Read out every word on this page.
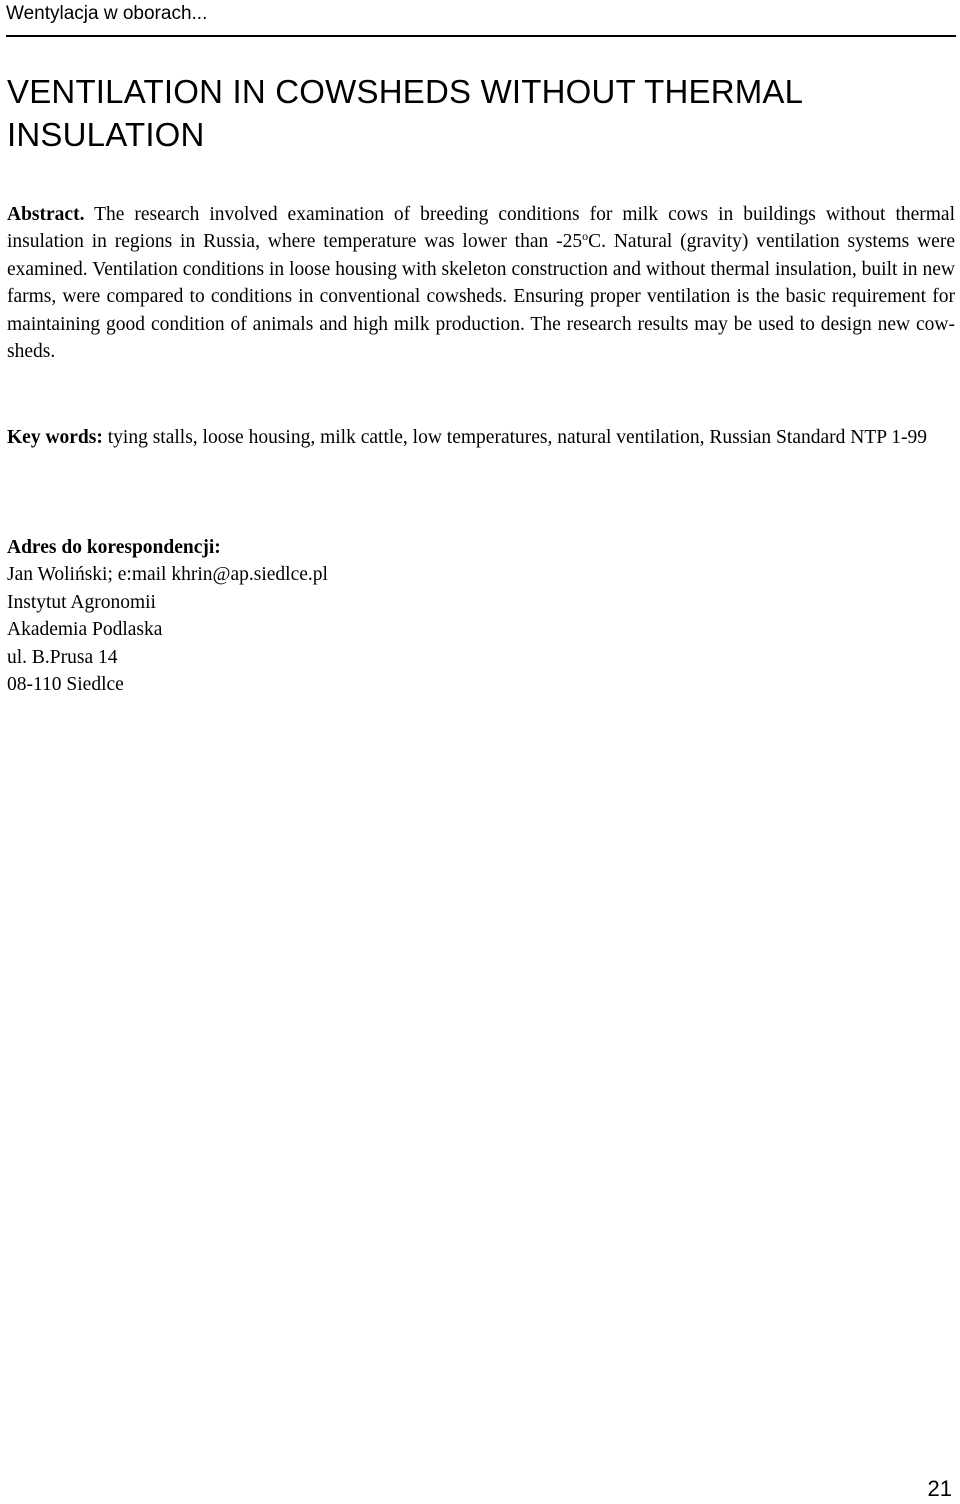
Wentylacja w oborach...
VENTILATION IN COWSHEDS WITHOUT THERMAL INSULATION

Abstract. The research involved examination of breeding conditions for milk cows in buildings without thermal insulation in regions in Russia, where temperature was lower than -25$^o$C. Natural (gravity) ventilation systems were examined. Ventilation conditions in loose housing with skeleton construction and without thermal insulation, built in new farms, were compared to conditions in conventional cowsheds. Ensuring proper ventilation is the basic requirement for maintaining good condition of animals and high milk production. The research results may be used to design new cow-sheds.

Key words: tying stalls, loose housing, milk cattle, low temperatures, natural ventilation, Russian Standard NTP 1-99

Adres do korespondencji:
Jan Woliński; e:mail khrin@ap.siedlce.pl
Instytut Agronomii
Akademia Podlaska
ul. B.Prusa 14
08-110 Siedlce
21
